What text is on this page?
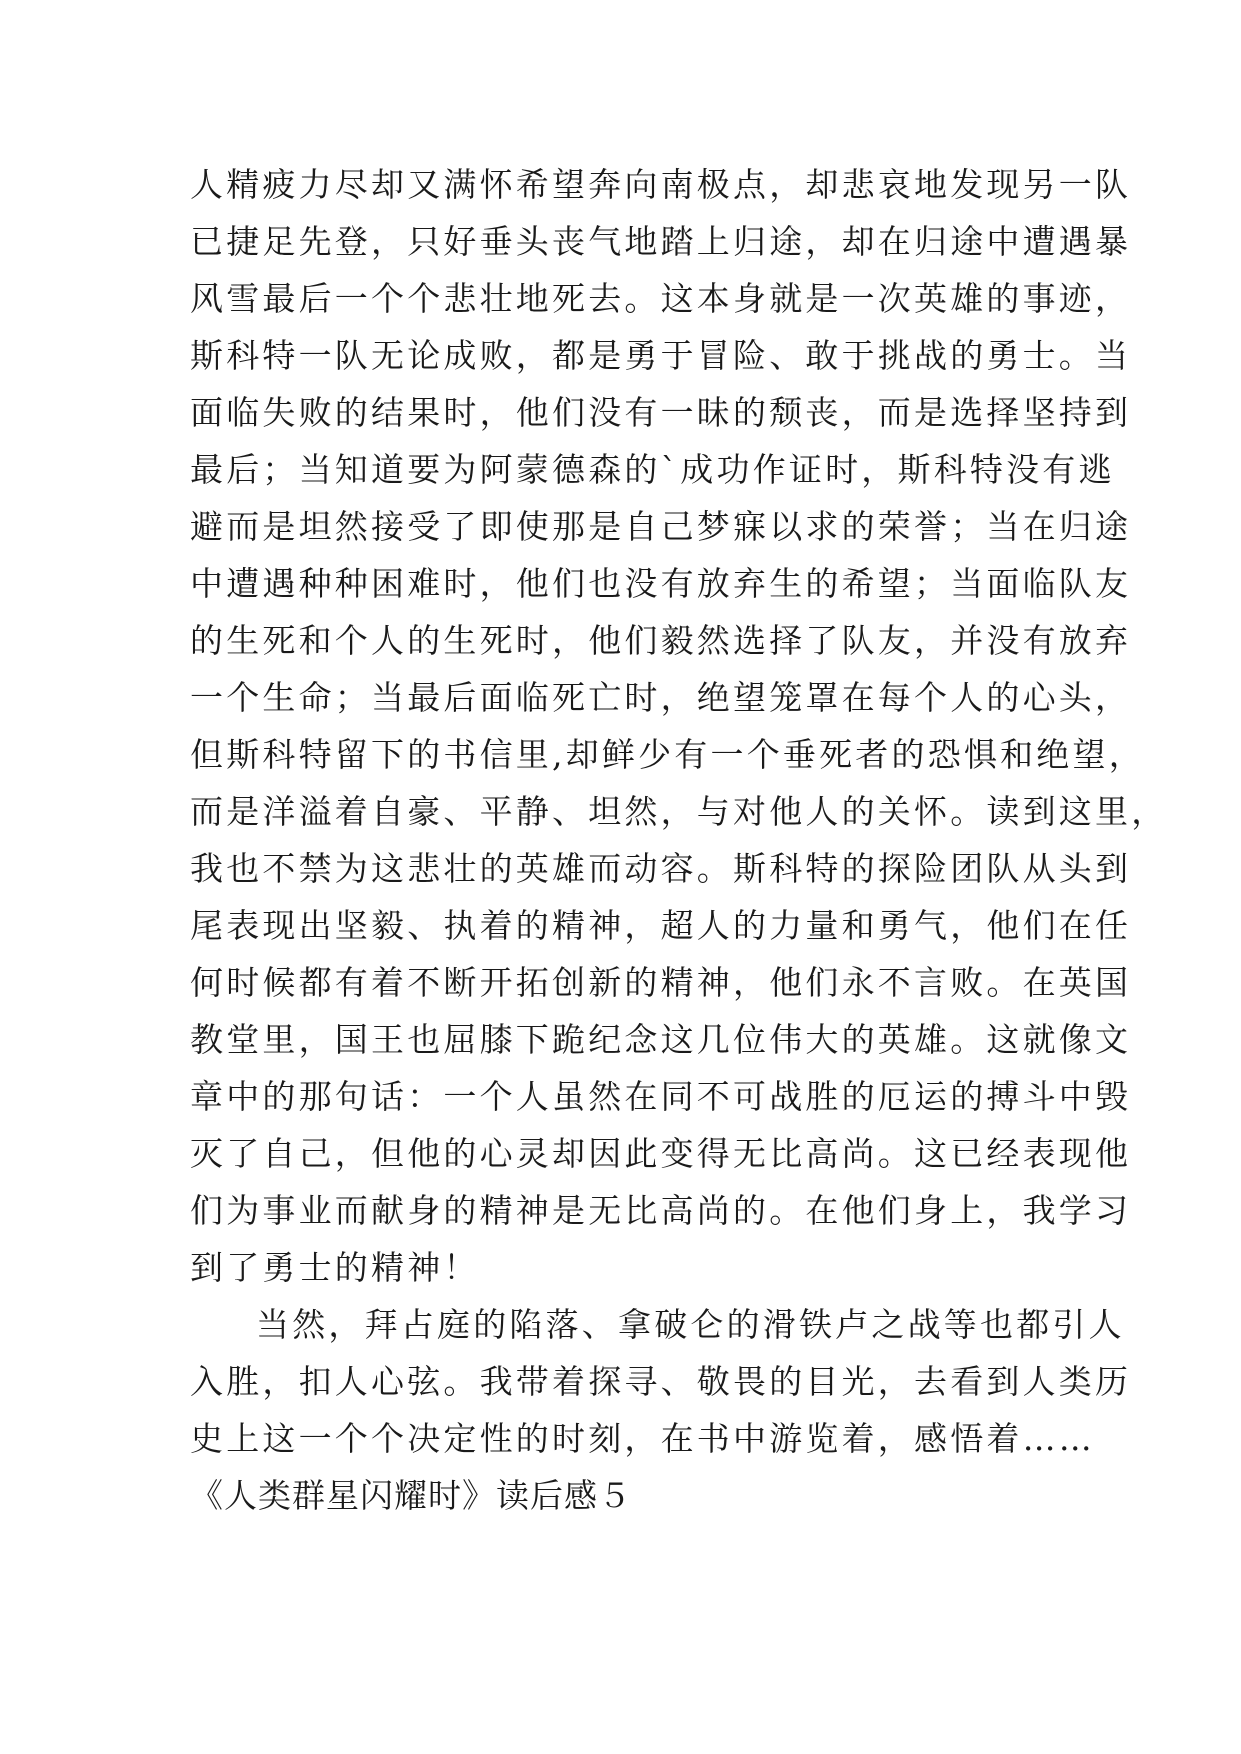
人精疲力尽却又满怀希望奔向南极点，却悲哀地发现另一队
已捷足先登，只好垂头丧气地踏上归途，却在归途中遭遇暴
风雪最后一个个悲壮地死去。这本身就是一次英雄的事迹，
斯科特一队无论成败，都是勇于冒险、敢于挑战的勇士。当
面临失败的结果时，他们没有一昧的颓丧，而是选择坚持到
最后；当知道要为阿蒙德森的`成功作证时，斯科特没有逃
避而是坦然接受了即使那是自己梦寐以求的荣誉；当在归途
中遭遇种种困难时，他们也没有放弃生的希望；当面临队友
的生死和个人的生死时，他们毅然选择了队友，并没有放弃
一个生命；当最后面临死亡时，绝望笼罩在每个人的心头，
但斯科特留下的书信里,却鲜少有一个垂死者的恐惧和绝望，
而是洋溢着自豪、平静、坦然，与对他人的关怀。读到这里，
我也不禁为这悲壮的英雄而动容。斯科特的探险团队从头到
尾表现出坚毅、执着的精神，超人的力量和勇气，他们在任
何时候都有着不断开拓创新的精神，他们永不言败。在英国
教堂里，国王也屈膝下跪纪念这几位伟大的英雄。这就像文
章中的那句话：一个人虽然在同不可战胜的厄运的搏斗中毁
灭了自己，但他的心灵却因此变得无比高尚。这已经表现他
们为事业而献身的精神是无比高尚的。在他们身上，我学习
到了勇士的精神！
当然，拜占庭的陷落、拿破仑的滑铁卢之战等也都引人
入胜，扣人心弦。我带着探寻、敬畏的目光，去看到人类历
史上这一个个决定性的时刻，在书中游览着，感悟着……
《人类群星闪耀时》读后感５
